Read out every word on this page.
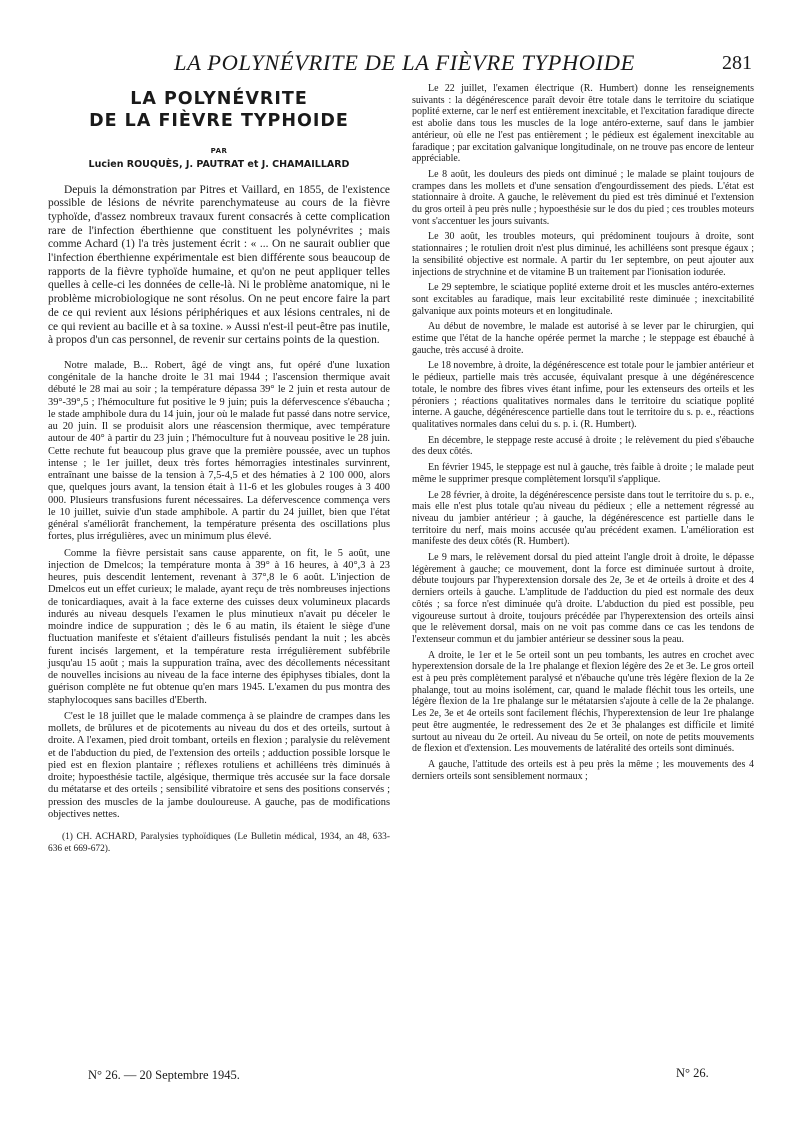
LA POLYNÉVRITE DE LA FIÈVRE TYPHOIDE	281
LA POLYNÉVRITE
DE LA FIÈVRE TYPHOIDE
PAR
Lucien ROUQUÈS, J. PAUTRAT et J. CHAMAILLARD

Depuis la démonstration par Pitres et Vaillard, en 1855, de l'existence possible de lésions de névrite parenchymateuse au cours de la fièvre typhoïde, d'assez nombreux travaux furent consacrés à cette complication rare de l'infection éberthienne que constituent les polynévrites ; mais comme Achard (1) l'a très justement écrit : « ... On ne saurait oublier que l'infection éberthienne expérimentale est bien différente sous beaucoup de rapports de la fièvre typhoïde humaine, et qu'on ne peut appliquer telles quelles à celle-ci les données de celle-là. Ni le problème anatomique, ni le problème microbiologique ne sont résolus. On ne peut encore faire la part de ce qui revient aux lésions périphériques et aux lésions centrales, ni de ce qui revient au bacille et à sa toxine. » Aussi n'est-il peut-être pas inutile, à propos d'un cas personnel, de revenir sur certains points de la question.

Notre malade, B... Robert, âgé de vingt ans, fut opéré d'une luxation congénitale de la hanche droite le 31 mai 1944 ; l'ascension thermique avait débuté le 28 mai au soir ; la température dépassa 39° le 2 juin et resta autour de 39°-39°,5 ; l'hémoculture fut positive le 9 juin; puis la défervescence s'ébaucha ; le stade amphibole dura du 14 juin, jour où le malade fut passé dans notre service, au 20 juin. Il se produisit alors une réascension thermique, avec température autour de 40° à partir du 23 juin ; l'hémoculture fut à nouveau positive le 28 juin. Cette rechute fut beaucoup plus grave que la première poussée, avec un tuphos intense ; le 1er juillet, deux très fortes hémorragies intestinales survinrent, entraînant une baisse de la tension à 7,5-4,5 et des hématies à 2 100 000, alors que, quelques jours avant, la tension était à 11-6 et les globules rouges à 3 400 000. Plusieurs transfusions furent nécessaires. La défervescence commença vers le 10 juillet, suivie d'un stade amphibole. A partir du 24 juillet, bien que l'état général s'améliorât franchement, la température présenta des oscillations plus fortes, plus irrégulières, avec un minimum plus élevé.

Comme la fièvre persistait sans cause apparente, on fit, le 5 août, une injection de Dmelcos; la température monta à 39° à 16 heures, à 40°,3 à 23 heures, puis descendit lentement, revenant à 37°,8 le 6 août. L'injection de Dmelcos eut un effet curieux; le malade, ayant reçu de très nombreuses injections de tonicardiaques, avait à la face externe des cuisses deux volumineux placards indurés au niveau desquels l'examen le plus minutieux n'avait pu déceler le moindre indice de suppuration ; dès le 6 au matin, ils étaient le siège d'une fluctuation manifeste et s'étaient d'ailleurs fistulisés pendant la nuit ; les abcès furent incisés largement, et la température resta irrégulièrement subfébrile jusqu'au 15 août ; mais la suppuration traîna, avec des décollements nécessitant de nouvelles incisions au niveau de la face interne des épiphyses tibiales, dont la guérison complète ne fut obtenue qu'en mars 1945. L'examen du pus montra des staphylocoques sans bacilles d'Eberth.

C'est le 18 juillet que le malade commença à se plaindre de crampes dans les mollets, de brûlures et de picotements au niveau du dos et des orteils, surtout à droite. A l'examen, pied droit tombant, orteils en flexion ; paralysie du relèvement et de l'abduction du pied, de l'extension des orteils ; adduction possible lorsque le pied est en flexion plantaire ; réflexes rotuliens et achilléens très diminués à droite; hypoesthésie tactile, algésique, thermique très accusée sur la face dorsale du métatarse et des orteils ; sensibilité vibratoire et sens des positions conservés ; pression des muscles de la jambe douloureuse. A gauche, pas de modifications objectives nettes.

(1) CH. ACHARD, Paralysies typhoïdiques (Le Bulletin médical, 1934, an 48, 633-636 et 669-672).

Le 22 juillet, l'examen électrique (R. Humbert) donne les renseignements suivants : la dégénérescence paraît devoir être totale dans le territoire du sciatique poplité externe, car le nerf est entièrement inexcitable, et l'excitation faradique directe est abolie dans tous les muscles de la loge antéro-externe, sauf dans le jambier antérieur, où elle ne l'est pas entièrement ; le pédieux est également inexcitable au faradique ; par excitation galvanique longitudinale, on ne trouve pas encore de lenteur appréciable.

Le 8 août, les douleurs des pieds ont diminué ; le malade se plaint toujours de crampes dans les mollets et d'une sensation d'engourdissement des pieds. L'état est stationnaire à droite. A gauche, le relèvement du pied est très diminué et l'extension du gros orteil à peu près nulle ; hypoesthésie sur le dos du pied ; ces troubles moteurs vont s'accentuer les jours suivants.

Le 30 août, les troubles moteurs, qui prédominent toujours à droite, sont stationnaires ; le rotulien droit n'est plus diminué, les achilléens sont presque égaux ; la sensibilité objective est normale. A partir du 1er septembre, on peut ajouter aux injections de strychnine et de vitamine B un traitement par l'ionisation iodurée.

Le 29 septembre, le sciatique poplité externe droit et les muscles antéro-externes sont excitables au faradique, mais leur excitabilité reste diminuée ; inexcitabilité galvanique aux points moteurs et en longitudinale.

Au début de novembre, le malade est autorisé à se lever par le chirurgien, qui estime que l'état de la hanche opérée permet la marche ; le steppage est ébauché à gauche, très accusé à droite.

Le 18 novembre, à droite, la dégénérescence est totale pour le jambier antérieur et le pédieux, partielle mais très accusée, équivalant presque à une dégénérescence totale, le nombre des fibres vives étant infime, pour les extenseurs des orteils et les péroniers ; réactions qualitatives normales dans le territoire du sciatique poplité interne. A gauche, dégénérescence partielle dans tout le territoire du s. p. e., réactions qualitatives normales dans celui du s. p. i. (R. Humbert).

En décembre, le steppage reste accusé à droite ; le relèvement du pied s'ébauche des deux côtés.

En février 1945, le steppage est nul à gauche, très faible à droite ; le malade peut même le supprimer presque complètement lorsqu'il s'applique.

Le 28 février, à droite, la dégénérescence persiste dans tout le territoire du s. p. e., mais elle n'est plus totale qu'au niveau du pédieux ; elle a nettement régressé au niveau du jambier antérieur ; à gauche, la dégénérescence est partielle dans le territoire du nerf, mais moins accusée qu'au précédent examen. L'amélioration est manifeste des deux côtés (R. Humbert).

Le 9 mars, le relèvement dorsal du pied atteint l'angle droit à droite, le dépasse légèrement à gauche; ce mouvement, dont la force est diminuée surtout à droite, débute toujours par l'hyperextension dorsale des 2e, 3e et 4e orteils à droite et des 4 derniers orteils à gauche. L'amplitude de l'adduction du pied est normale des deux côtés ; sa force n'est diminuée qu'à droite. L'abduction du pied est possible, peu vigoureuse surtout à droite, toujours précédée par l'hyperextension des orteils ainsi que le relèvement dorsal, mais on ne voit pas comme dans ce cas les tendons de l'extenseur commun et du jambier antérieur se dessiner sous la peau.

A droite, le 1er et le 5e orteil sont un peu tombants, les autres en crochet avec hyperextension dorsale de la 1re phalange et flexion légère des 2e et 3e. Le gros orteil est à peu près complètement paralysé et n'ébauche qu'une très légère flexion de la 2e phalange, tout au moins isolément, car, quand le malade fléchit tous les orteils, une légère flexion de la 1re phalange sur le métatarsien s'ajoute à celle de la 2e phalange. Les 2e, 3e et 4e orteils sont facilement fléchis, l'hyperextension de leur 1re phalange peut être augmentée, le redressement des 2e et 3e phalanges est difficile et limité surtout au niveau du 2e orteil. Au niveau du 5e orteil, on note de petits mouvements de flexion et d'extension. Les mouvements de latéralité des orteils sont diminués.

A gauche, l'attitude des orteils est à peu près la même ; les mouvements des 4 derniers orteils sont sensiblement normaux ;

N° 26. — 20 Septembre 1945.	N° 26.
